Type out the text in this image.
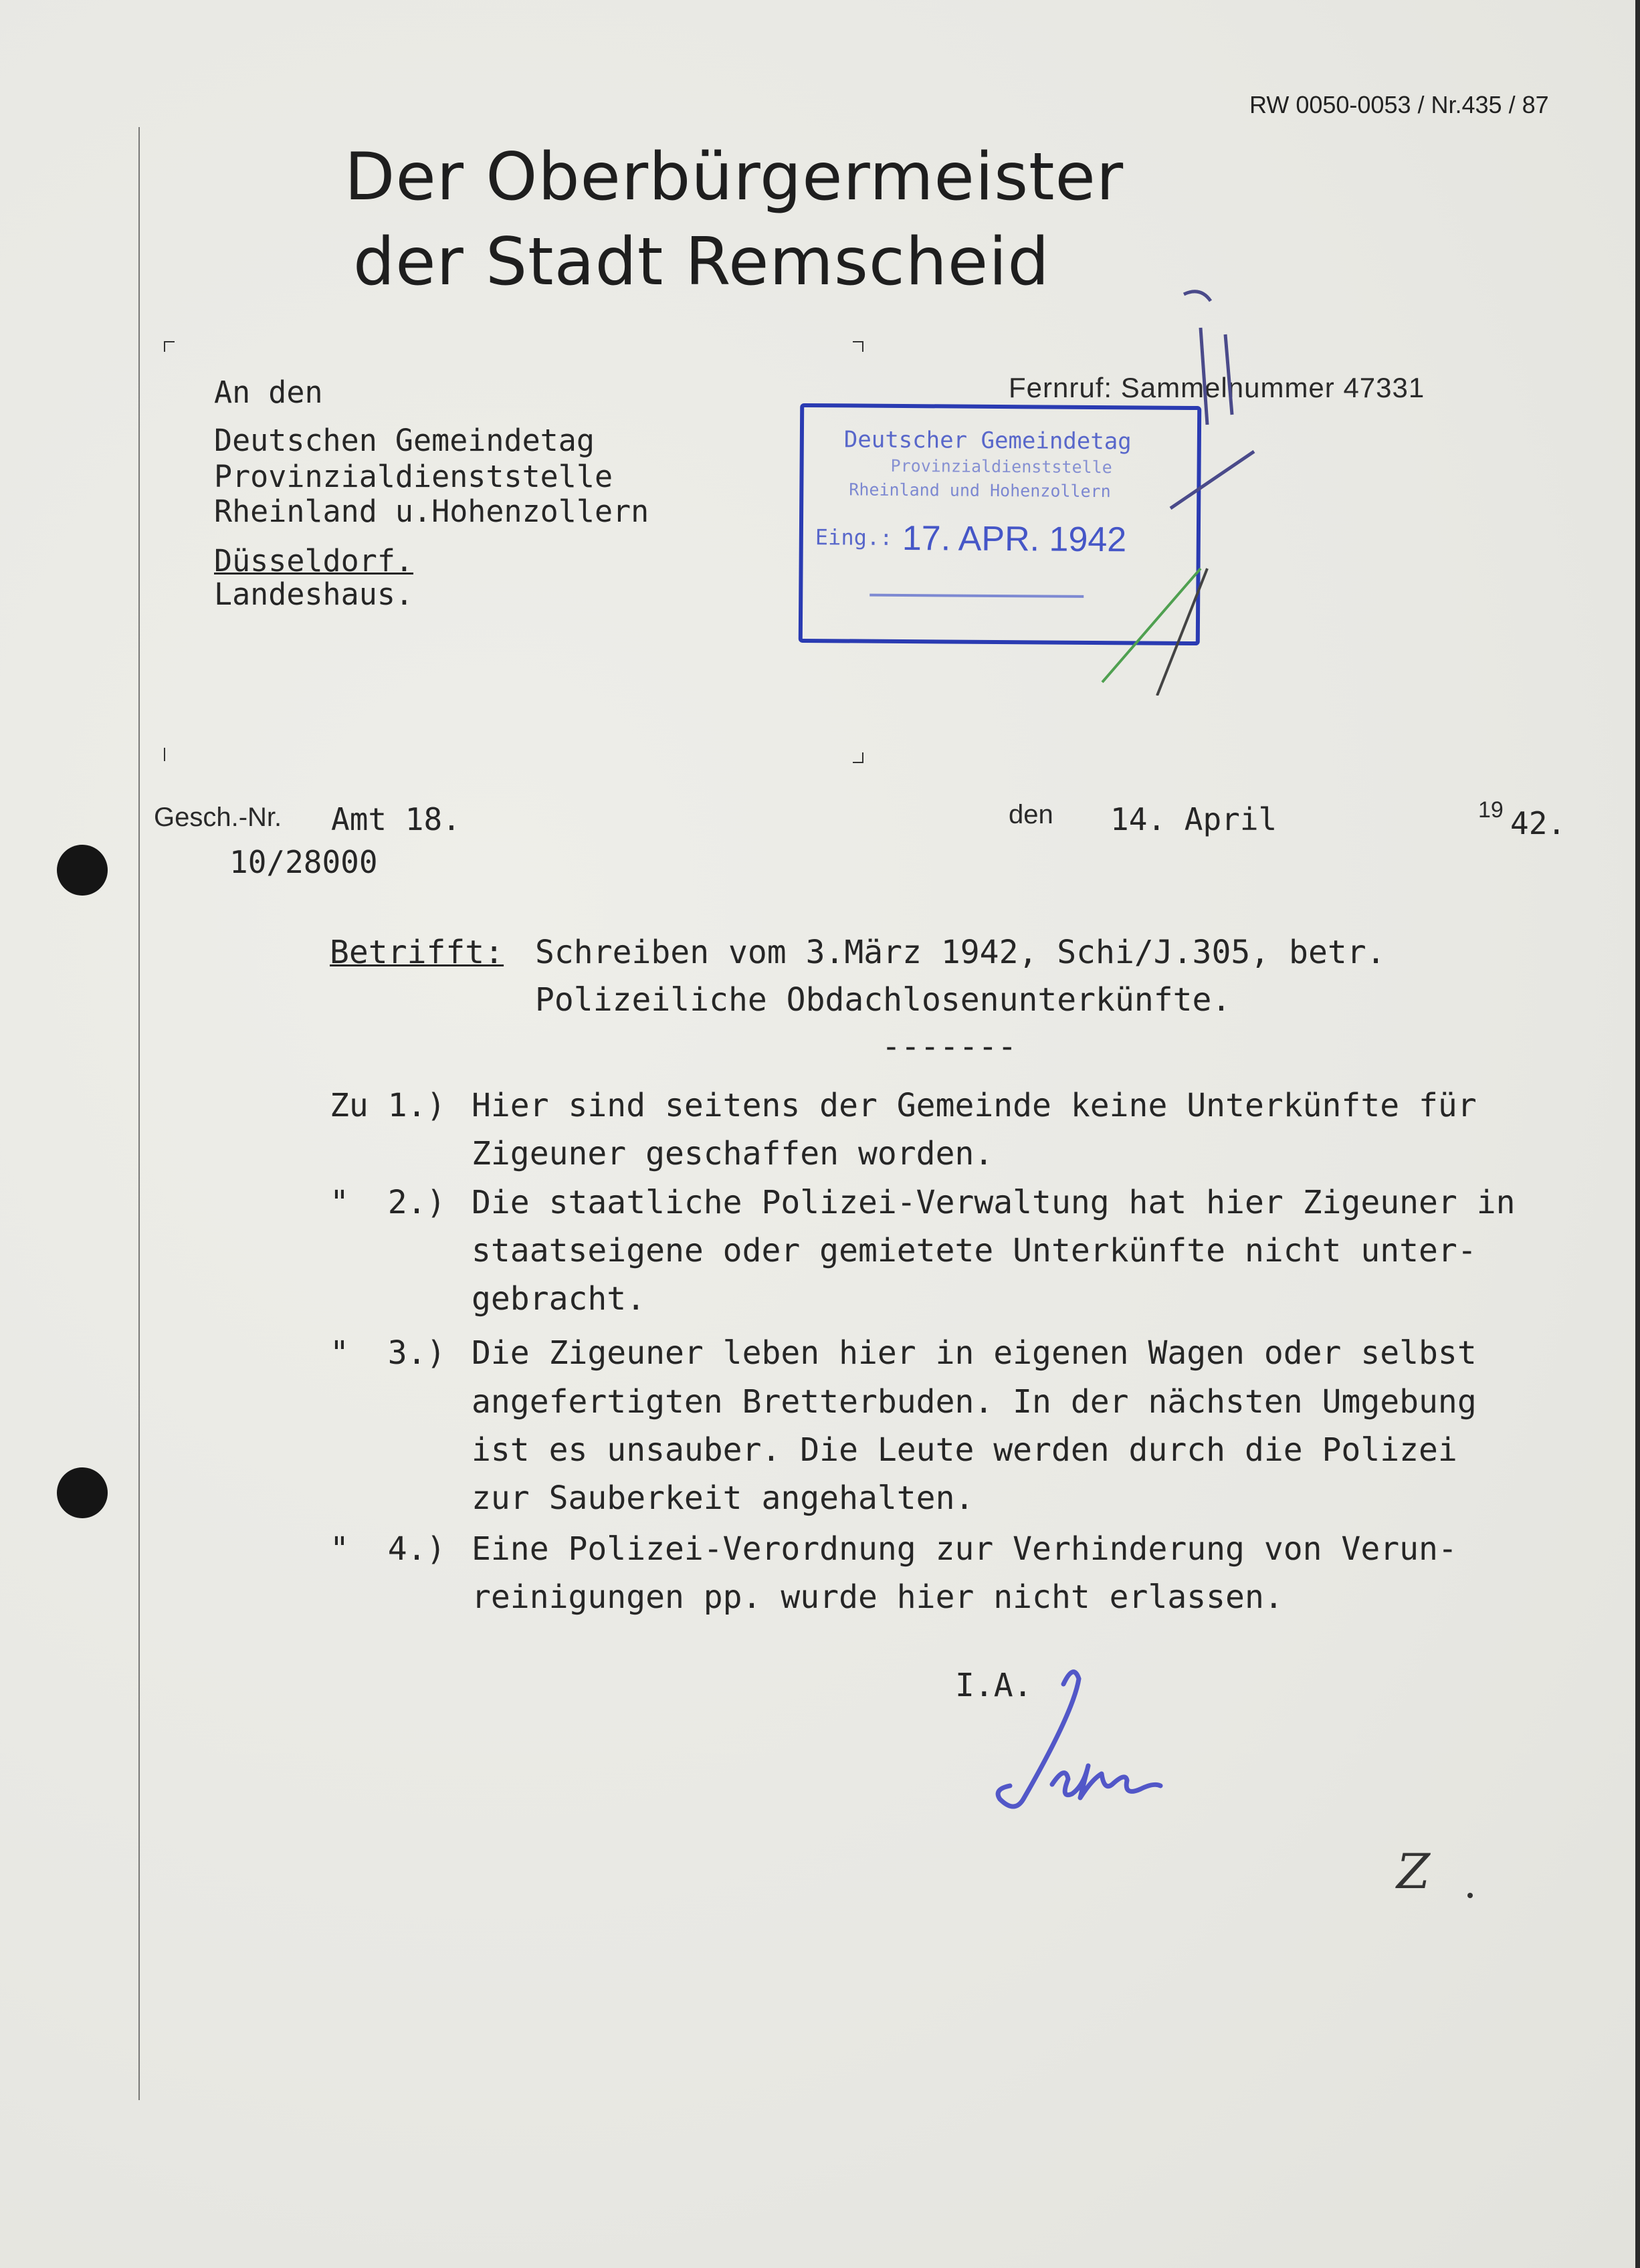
RW 0050-0053 / Nr.435 / 87
Der Oberbürgermeister
der Stadt Remscheid
An den
Deutschen Gemeindetag
Provinzialdienststelle
Rheinland u.Hohenzollern
Düsseldorf.
Landeshaus.
Fernruf: Sammelnummer 47331
Deutscher Gemeindetag
Provinzialdienststelle
Rheinland und Hohenzollern
Eing.: 17. APR. 1942
Gesch.-Nr. Amt 18.
10/28000
den 14. April	19 42.
Betrifft: Schreiben vom 3.März 1942, Schi/J.305, betr.
Polizeiliche Obdachlosenunterkünfte.
-------
Zu 1.) Hier sind seitens der Gemeinde keine Unterkünfte für
Zigeuner geschaffen worden.
"  2.) Die staatliche Polizei-Verwaltung hat hier Zigeuner in
staatseigene oder gemietete Unterkünfte nicht unter-
gebracht.
"  3.) Die Zigeuner leben hier in eigenen Wagen oder selbst
angefertigten Bretterbuden. In der nächsten Umgebung
ist es unsauber. Die Leute werden durch die Polizei
zur Sauberkeit angehalten.
"  4.) Eine Polizei-Verordnung zur Verhinderung von Verun-
reinigungen pp. wurde hier nicht erlassen.
I.A.
Z
